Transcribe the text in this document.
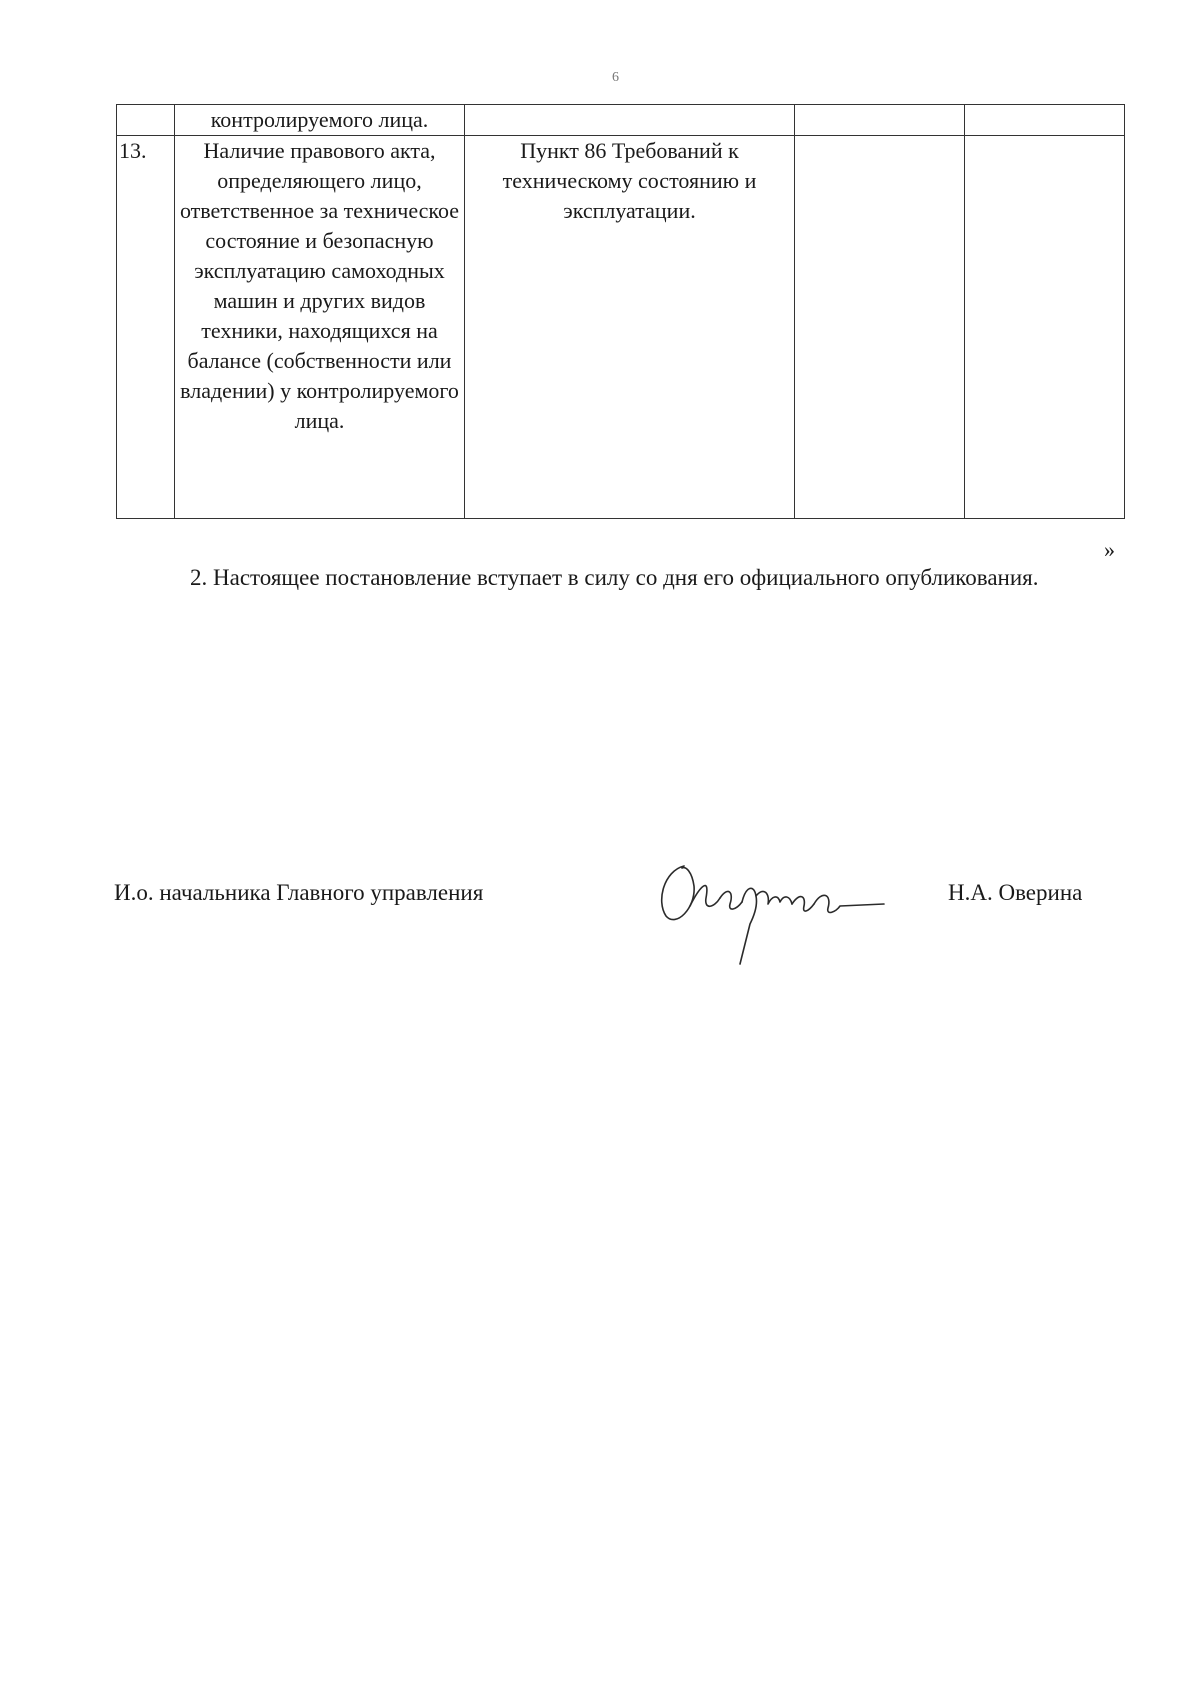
6
	контролируемого лица.			
13.	Наличие правового акта, определяющего лицо, ответственное за техническое состояние и безопасную эксплуатацию самоходных машин и других видов техники, находящихся на балансе (собственности или владении) у контролируемого лица.	Пункт 86 Требований к техническому состоянию и эксплуатации.		
»
2. Настоящее постановление вступает в силу со дня его официального опубликования.
И.о. начальника Главного управления	Н.А. Оверина
